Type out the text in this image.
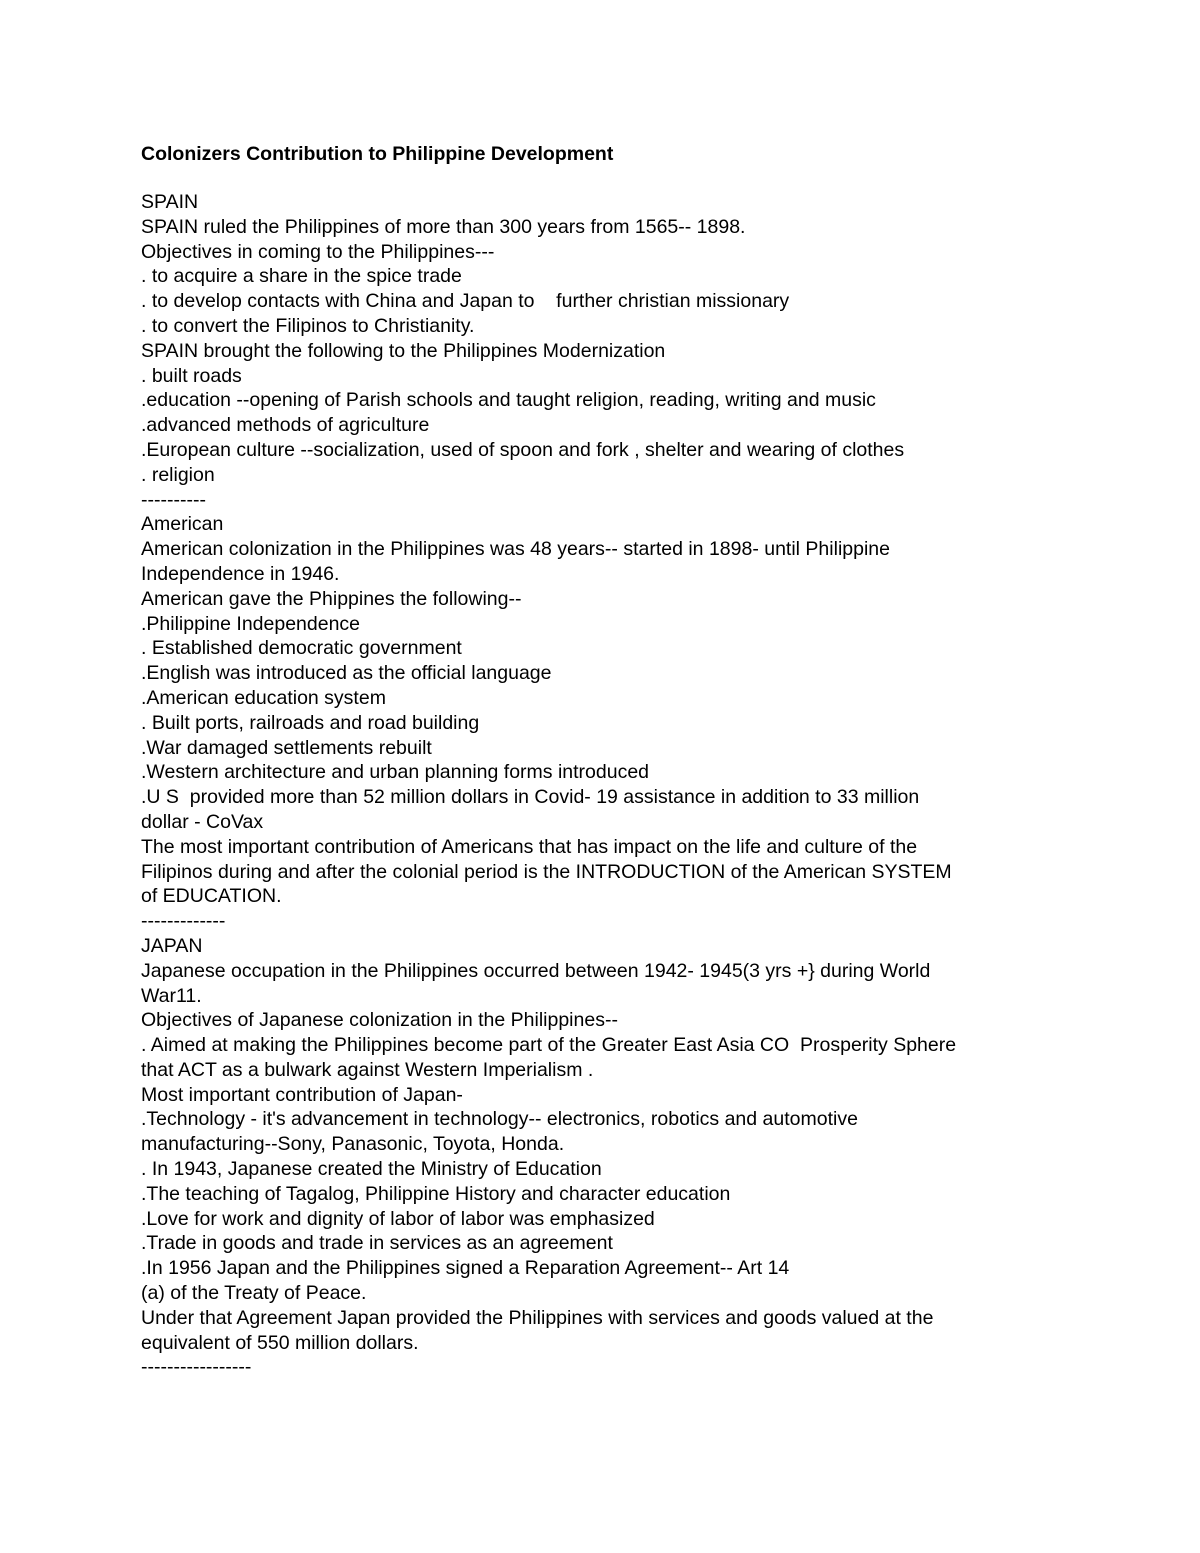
Colonizers Contribution to Philippine Development
SPAIN
SPAIN ruled the Philippines of more than 300 years from 1565-- 1898.
Objectives in coming to the Philippines---
. to acquire a share in the spice trade
. to develop contacts with China and Japan to    further christian missionary
. to convert the Filipinos to Christianity.
SPAIN brought the following to the Philippines Modernization
. built roads
.education --opening of Parish schools and taught religion, reading, writing and music
.advanced methods of agriculture
.European culture --socialization, used of spoon and fork , shelter and wearing of clothes
. religion
----------
American
American colonization in the Philippines was 48 years-- started in 1898- until Philippine
Independence in 1946.
American gave the Phippines the following--
.Philippine Independence
. Established democratic government
.English was introduced as the official language
.American education system
. Built ports, railroads and road building
.War damaged settlements rebuilt
.Western architecture and urban planning forms introduced
.U S  provided more than 52 million dollars in Covid- 19 assistance in addition to 33 million
dollar - CoVax
The most important contribution of Americans that has impact on the life and culture of the
Filipinos during and after the colonial period is the INTRODUCTION of the American SYSTEM
of EDUCATION.
-------------
JAPAN
Japanese occupation in the Philippines occurred between 1942- 1945(3 yrs +} during World
War11.
Objectives of Japanese colonization in the Philippines--
. Aimed at making the Philippines become part of the Greater East Asia CO  Prosperity Sphere
that ACT as a bulwark against Western Imperialism .
Most important contribution of Japan-
.Technology - it's advancement in technology-- electronics, robotics and automotive
manufacturing--Sony, Panasonic, Toyota, Honda.
. In 1943, Japanese created the Ministry of Education
.The teaching of Tagalog, Philippine History and character education
.Love for work and dignity of labor of labor was emphasized
.Trade in goods and trade in services as an agreement
.In 1956 Japan and the Philippines signed a Reparation Agreement-- Art 14
(a) of the Treaty of Peace.
Under that Agreement Japan provided the Philippines with services and goods valued at the
equivalent of 550 million dollars.
-----------------
